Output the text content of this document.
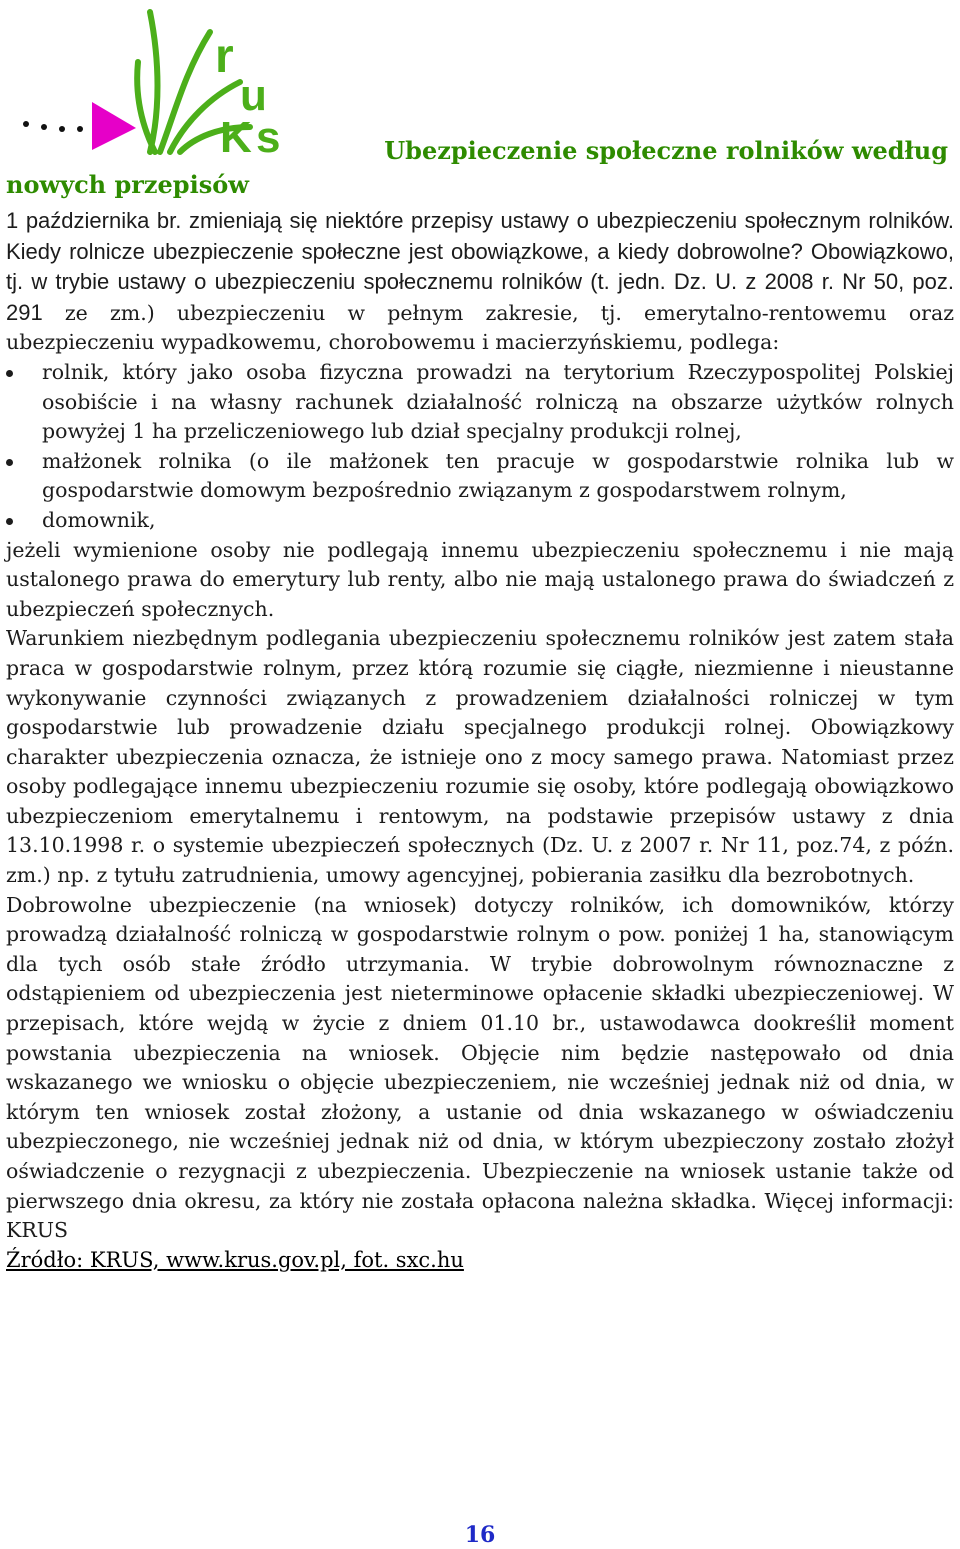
r
u
s
K	Ubezpieczenie społeczne rolników według
nowych przepisów

1 października br. zmieniają się niektóre przepisy ustawy o ubezpieczeniu społecznym rolników. Kiedy rolnicze ubezpieczenie społeczne jest obowiązkowe, a kiedy dobrowolne? Obowiązkowo, tj. w trybie ustawy o ubezpieczeniu społecznemu rolników (t. jedn. Dz. U. z 2008 r. Nr 50, poz. 291 ze zm.) ubezpieczeniu w pełnym zakresie, tj. emerytalno-rentowemu oraz ubezpieczeniu wypadkowemu, chorobowemu i macierzyńskiemu, podlega:

rolnik, który jako osoba fizyczna prowadzi na terytorium Rzeczypospolitej Polskiej osobiście i na własny rachunek działalność rolniczą na obszarze użytków rolnych powyżej 1 ha przeliczeniowego lub dział specjalny produkcji rolnej,
małżonek rolnika (o ile małżonek ten pracuje w gospodarstwie rolnika lub w gospodarstwie domowym bezpośrednio związanym z gospodarstwem rolnym,
domownik,

jeżeli wymienione osoby nie podlegają innemu ubezpieczeniu społecznemu i nie mają ustalonego prawa do emerytury lub renty, albo nie mają ustalonego prawa do świadczeń z ubezpieczeń społecznych.

Warunkiem niezbędnym podlegania ubezpieczeniu społecznemu rolników jest zatem stała praca w gospodarstwie rolnym, przez którą rozumie się ciągłe, niezmienne i nieustanne wykonywanie czynności związanych z prowadzeniem działalności rolniczej w tym gospodarstwie lub prowadzenie działu specjalnego produkcji rolnej. Obowiązkowy charakter ubezpieczenia oznacza, że istnieje ono z mocy samego prawa. Natomiast przez osoby podlegające innemu ubezpieczeniu rozumie się osoby, które podlegają obowiązkowo ubezpieczeniom emerytalnemu i rentowym, na podstawie przepisów ustawy z dnia 13.10.1998 r. o systemie ubezpieczeń społecznych (Dz. U. z 2007 r. Nr 11, poz.74, z późn. zm.) np. z tytułu zatrudnienia, umowy agencyjnej, pobierania zasiłku dla bezrobotnych.

Dobrowolne ubezpieczenie (na wniosek) dotyczy rolników, ich domowników, którzy prowadzą działalność rolniczą w gospodarstwie rolnym o pow. poniżej 1 ha, stanowiącym dla tych osób stałe źródło utrzymania. W trybie dobrowolnym równoznaczne z odstąpieniem od ubezpieczenia jest nieterminowe opłacenie składki ubezpieczeniowej. W przepisach, które wejdą w życie z dniem 01.10 br., ustawodawca dookreślił moment powstania ubezpieczenia na wniosek. Objęcie nim będzie następowało od dnia wskazanego we wniosku o objęcie ubezpieczeniem, nie wcześniej jednak niż od dnia, w którym ten wniosek został złożony, a ustanie od dnia wskazanego w oświadczeniu ubezpieczonego, nie wcześniej jednak niż od dnia, w którym ubezpieczony zostało złożył oświadczenie o rezygnacji z ubezpieczenia. Ubezpieczenie na wniosek ustanie także od pierwszego dnia okresu, za który nie została opłacona należna składka. Więcej informacji: KRUS

Źródło: KRUS, www.krus.gov.pl, fot. sxc.hu

16
